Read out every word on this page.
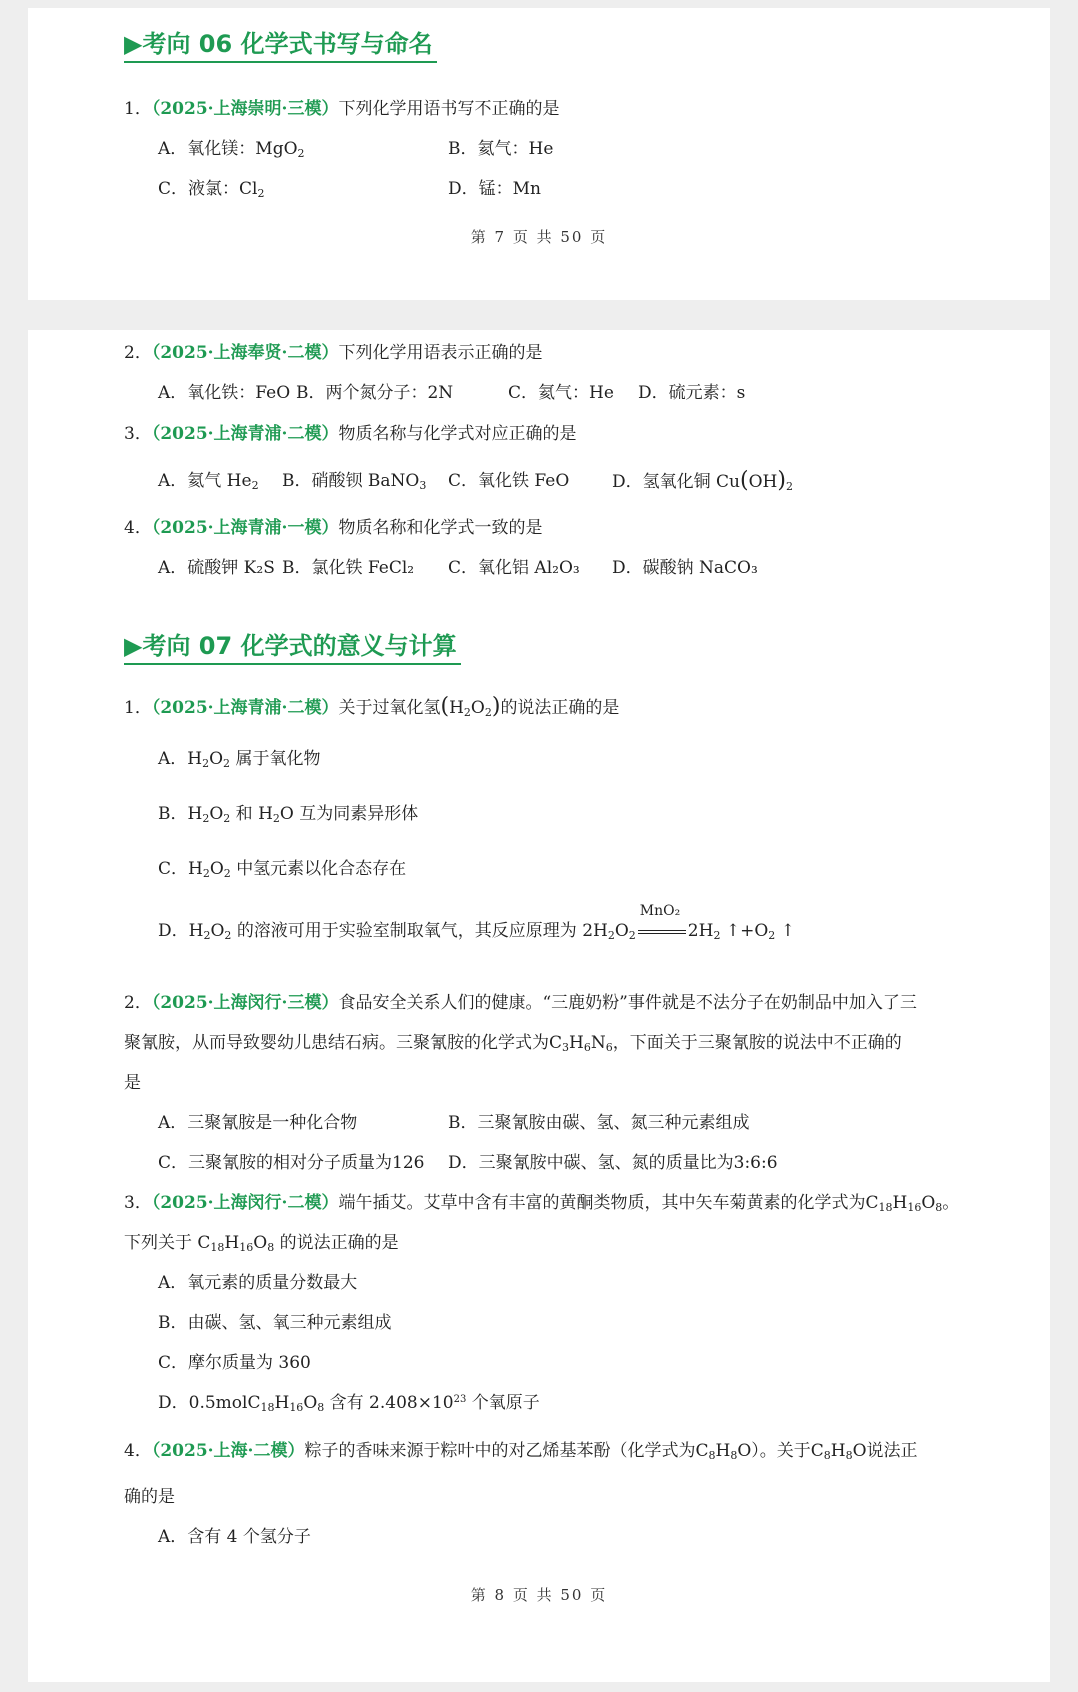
▶考向 06 化学式书写与命名
1．（2025·上海崇明·三模）下列化学用语书写不正确的是
A．氧化镁：MgO$_2$	B．氦气：He
C．液氯：$Cl_2$	D．锰：Mn
第 7 页 共 50 页
2．（2025·上海奉贤·二模）下列化学用语表示正确的是
A．氧化铁：FeO B．两个氮分子：2N	C．氦气：He D．硫元素：s
3．（2025·上海青浦·二模）物质名称与化学式对应正确的是
A．氦气 $He_2$ B．硝酸钡 BaNO$_3$ C．氧化铁 FeO	D．氢氧化铜 $Cu(OH)_2$
4．（2025·上海青浦·一模）物质名称和化学式一致的是
A．硫酸钾 K₂S B．氯化铁 FeCl₂ C．氧化铝 Al₂O₃ D．碳酸钠 NaCO₃
▶考向 07 化学式的意义与计算
1．（2025·上海青浦·二模）关于过氧化氢$(H_2O_2)$的说法正确的是
A．$H_2O_2$ 属于氧化物
B．$H_2O_2$ 和 $H_2O$ 互为同素异形体
C．$H_2O_2$ 中氢元素以化合态存在
D．$H_2O_2$ 的溶液可用于实验室制取氧气，其反应原理为 $2H_2O_2$
MnO₂
$2H_2$ $↑+O_2$ ↑
2．（2025·上海闵行·三模）食品安全关系人们的健康。“三鹿奶粉”事件就是不法分子在奶制品中加入了三
聚氰胺，从而导致婴幼儿患结石病。三聚氰胺的化学式为$C_3H_6N_6$，下面关于三聚氰胺的说法中不正确的
是
A．三聚氰胺是一种化合物	B．三聚氰胺由碳、氢、氮三种元素组成
C．三聚氰胺的相对分子质量为126 D．三聚氰胺中碳、氢、氮的质量比为3:6:6
3．（2025·上海闵行·二模）端午插艾。艾草中含有丰富的黄酮类物质，其中矢车菊黄素的化学式为$C_{18}H_{16}O_8$。
下列关于 $C_{18}H_{16}O_8$ 的说法正确的是
A．氧元素的质量分数最大
B．由碳、氢、氧三种元素组成
C．摩尔质量为 360
D．$0.5molC_{18}H_{16}O_8$ 含有 $2.408\times 10^{23}$ 个氧原子
4．（2025·上海·二模）粽子的香味来源于粽叶中的对乙烯基苯酚（化学式为$C_8H_8O$）。关于$C_8H_8O$说法正
确的是
A．含有 4 个氢分子
第 8 页 共 50 页
